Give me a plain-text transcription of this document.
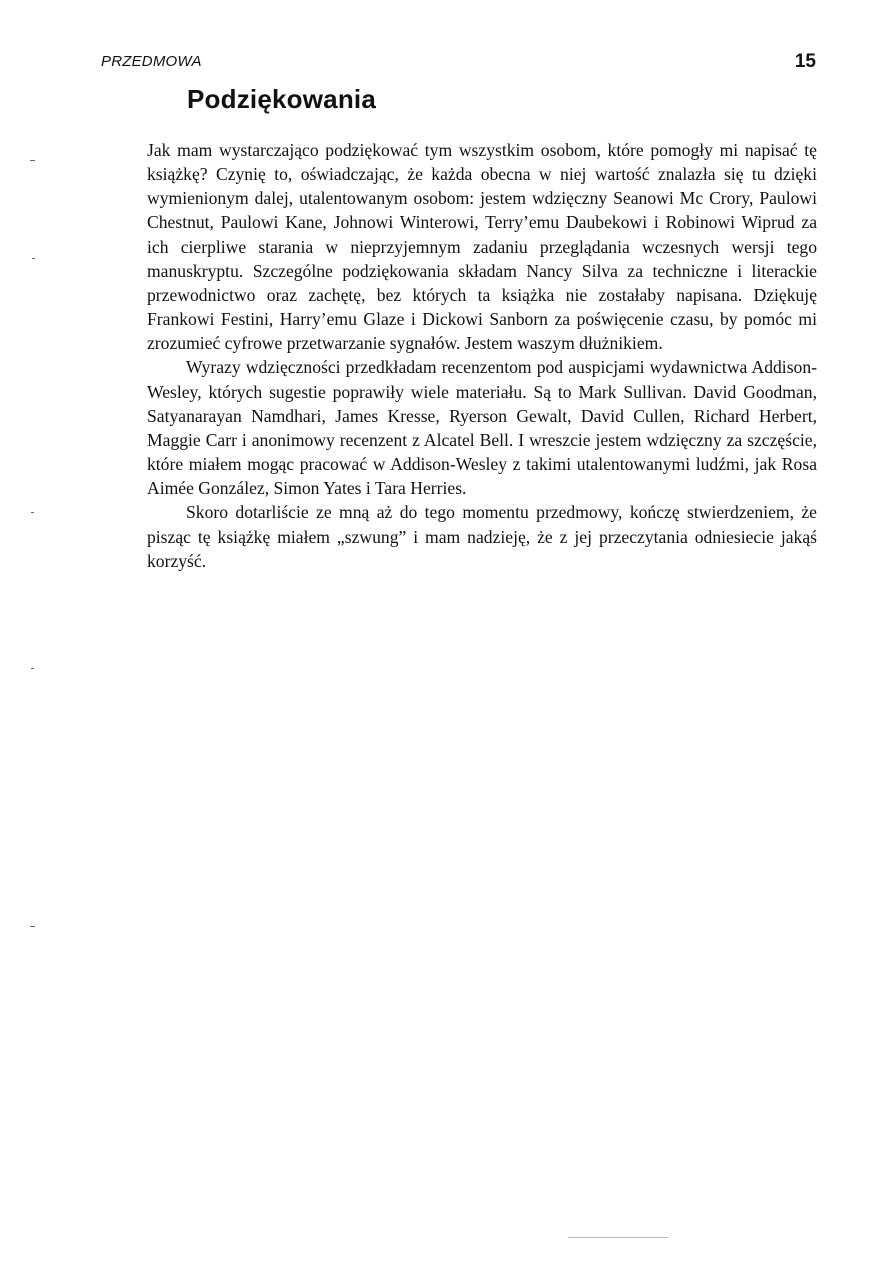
PRZEDMOWA	15
Podziękowania

Jak mam wystarczająco podziękować tym wszystkim osobom, które pomogły mi napisać tę książkę? Czynię to, oświadczając, że każda obecna w niej wartość znalazła się tu dzięki wymienionym dalej, utalentowanym osobom: jestem wdzięczny Seanowi Mc Crory, Paulowi Chestnut, Paulowi Kane, Johnowi Winterowi, Terry’emu Daubekowi i Robinowi Wiprud za ich cierpliwe starania w nieprzyjemnym zadaniu przeglądania wczesnych wersji tego manuskryptu. Szczególne podziękowania składam Nancy Silva za techniczne i literackie przewodnictwo oraz zachętę, bez których ta książka nie zostałaby napisana. Dziękuję Frankowi Festini, Harry’emu Glaze i Dickowi Sanborn za poświęcenie czasu, by pomóc mi zrozumieć cyfrowe przetwarzanie sygnałów. Jestem waszym dłużnikiem.

Wyrazy wdzięczności przedkładam recenzentom pod auspicjami wydawnictwa Addison-Wesley, których sugestie poprawiły wiele materiału. Są to Mark Sullivan. David Goodman, Satyanarayan Namdhari, James Kresse, Ryerson Gewalt, David Cullen, Richard Herbert, Maggie Carr i anonimowy recenzent z Alcatel Bell. I wreszcie jestem wdzięczny za szczęście, które miałem mogąc pracować w Addison-Wesley z takimi utalentowanymi ludźmi, jak Rosa Aimée González, Simon Yates i Tara Herries.

Skoro dotarliście ze mną aż do tego momentu przedmowy, kończę stwierdzeniem, że pisząc tę książkę miałem „szwung” i mam nadzieję, że z jej przeczytania odniesiecie jakąś korzyść.
